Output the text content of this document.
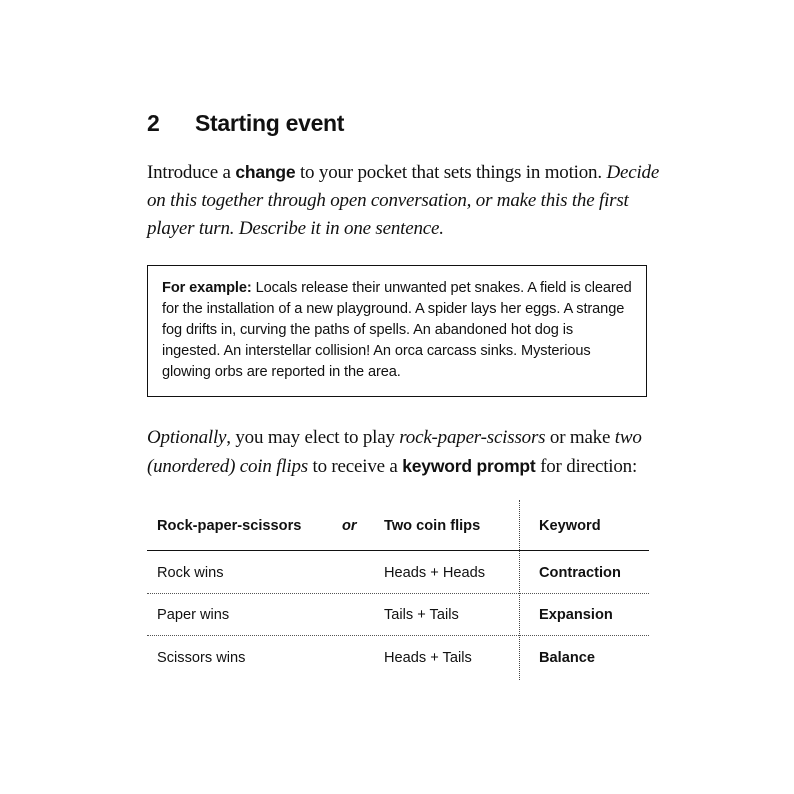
2 Starting event
Introduce a change to your pocket that sets things in motion. Decide on this together through open conversation, or make this the first player turn. Describe it in one sentence.
For example: Locals release their unwanted pet snakes. A field is cleared for the installation of a new playground. A spider lays her eggs. A strange fog drifts in, curving the paths of spells. An abandoned hot dog is ingested. An interstellar collision! An orca carcass sinks. Mysterious glowing orbs are reported in the area.
Optionally, you may elect to play rock-paper-scissors or make two (unordered) coin flips to receive a keyword prompt for direction:
Rock-paper-scissors	or Two coin flips	Keyword
Rock wins	Heads + Heads	Contraction
Paper wins	Tails + Tails	Expansion
Scissors wins	Heads + Tails	Balance
